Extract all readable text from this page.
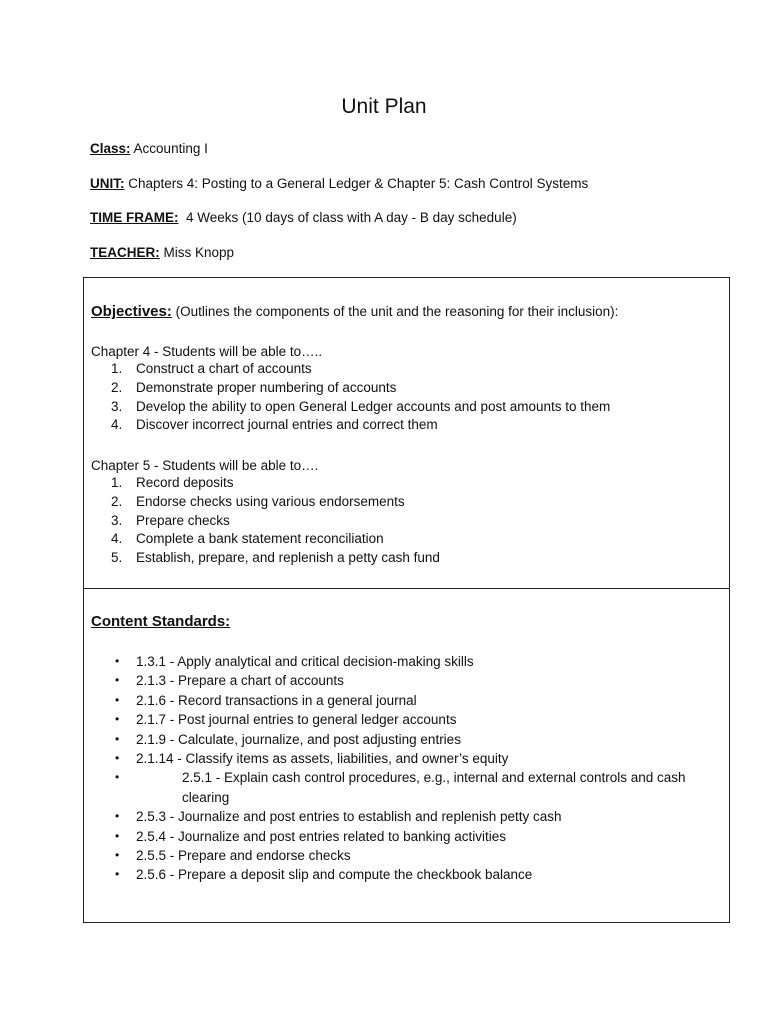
Unit Plan
Class: Accounting I
UNIT: Chapters 4: Posting to a General Ledger & Chapter 5: Cash Control Systems
TIME FRAME: 4 Weeks (10 days of class with A day - B day schedule)
TEACHER: Miss Knopp
Objectives: (Outlines the components of the unit and the reasoning for their inclusion):
Chapter 4 - Students will be able to…..
1.	Construct a chart of accounts
2.	Demonstrate proper numbering of accounts
3.	Develop the ability to open General Ledger accounts and post amounts to them
4.	Discover incorrect journal entries and correct them
Chapter 5 - Students will be able to….
1.	Record deposits
2.	Endorse checks using various endorsements
3.	Prepare checks
4.	Complete a bank statement reconciliation
5.	Establish, prepare, and replenish a petty cash fund
Content Standards:
• 1.3.1 - Apply analytical and critical decision-making skills
• 2.1.3 - Prepare a chart of accounts
• 2.1.6 - Record transactions in a general journal
• 2.1.7 - Post journal entries to general ledger accounts
• 2.1.9 - Calculate, journalize, and post adjusting entries
• 2.1.14 - Classify items as assets, liabilities, and owner’s equity
•	2.5.1 - Explain cash control procedures, e.g., internal and external controls and cash clearing
• 2.5.3 - Journalize and post entries to establish and replenish petty cash
• 2.5.4 - Journalize and post entries related to banking activities
• 2.5.5 - Prepare and endorse checks
• 2.5.6 - Prepare a deposit slip and compute the checkbook balance
